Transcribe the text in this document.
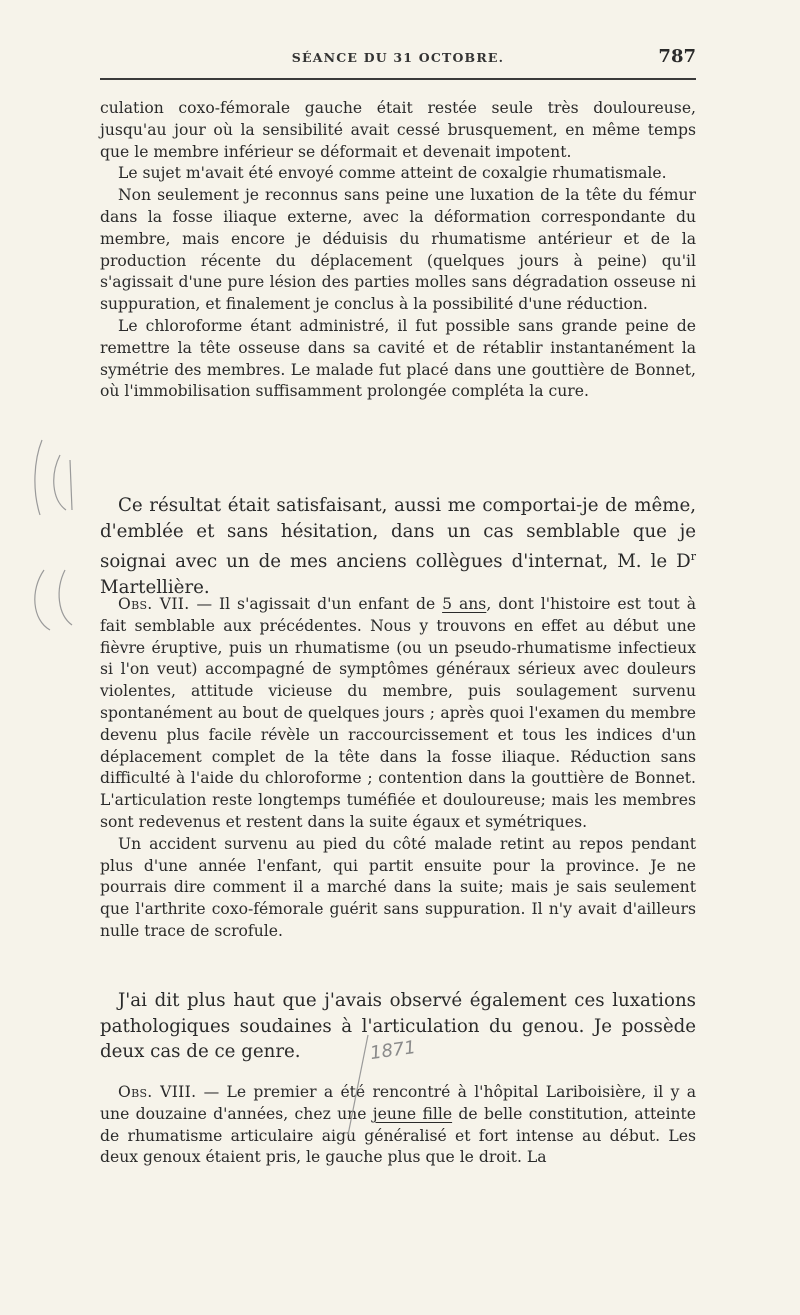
SÉANCE DU 31 OCTOBRE.	787

culation coxo-fémorale gauche était restée seule très douloureuse, jusqu'au jour où la sensibilité avait cessé brusquement, en même temps que le membre inférieur se déformait et devenait impotent.

Le sujet m'avait été envoyé comme atteint de coxalgie rhumatismale.

Non seulement je reconnus sans peine une luxation de la tête du fémur dans la fosse iliaque externe, avec la déformation correspondante du membre, mais encore je déduisis du rhumatisme antérieur et de la production récente du déplacement (quelques jours à peine) qu'il s'agissait d'une pure lésion des parties molles sans dégradation osseuse ni suppuration, et finalement je conclus à la possibilité d'une réduction.

Le chloroforme étant administré, il fut possible sans grande peine de remettre la tête osseuse dans sa cavité et de rétablir instantanément la symétrie des membres. Le malade fut placé dans une gouttière de Bonnet, où l'immobilisation suffisamment prolongée compléta la cure.

Ce résultat était satisfaisant, aussi me comportai-je de même, d'emblée et sans hésitation, dans un cas semblable que je soignai avec un de mes anciens collègues d'internat, M. le $D^r$ Martellière.

Obs. VII. — Il s'agissait d'un enfant de 5 ans, dont l'histoire est tout à fait semblable aux précédentes. Nous y trouvons en effet au début une fièvre éruptive, puis un rhumatisme (ou un pseudo-rhumatisme infectieux si l'on veut) accompagné de symptômes généraux sérieux avec douleurs violentes, attitude vicieuse du membre, puis soulagement survenu spontanément au bout de quelques jours ; après quoi l'examen du membre devenu plus facile révèle un raccourcissement et tous les indices d'un déplacement complet de la tête dans la fosse iliaque. Réduction sans difficulté à l'aide du chloroforme ; contention dans la gouttière de Bonnet. L'articulation reste longtemps tuméfiée et douloureuse; mais les membres sont redevenus et restent dans la suite égaux et symétriques.

Un accident survenu au pied du côté malade retint au repos pendant plus d'une année l'enfant, qui partit ensuite pour la province. Je ne pourrais dire comment il a marché dans la suite; mais je sais seulement que l'arthrite coxo-fémorale guérit sans suppuration. Il n'y avait d'ailleurs nulle trace de scrofule.

J'ai dit plus haut que j'avais observé également ces luxations pathologiques soudaines à l'articulation du genou. Je possède deux cas de ce genre.

Obs. VIII. — Le premier a été rencontré à l'hôpital Lariboisière, il y a une douzaine d'années, chez une jeune fille de belle constitution, atteinte de rhumatisme articulaire aigu généralisé et fort intense au début. Les deux genoux étaient pris, le gauche plus que le droit. La

1871
